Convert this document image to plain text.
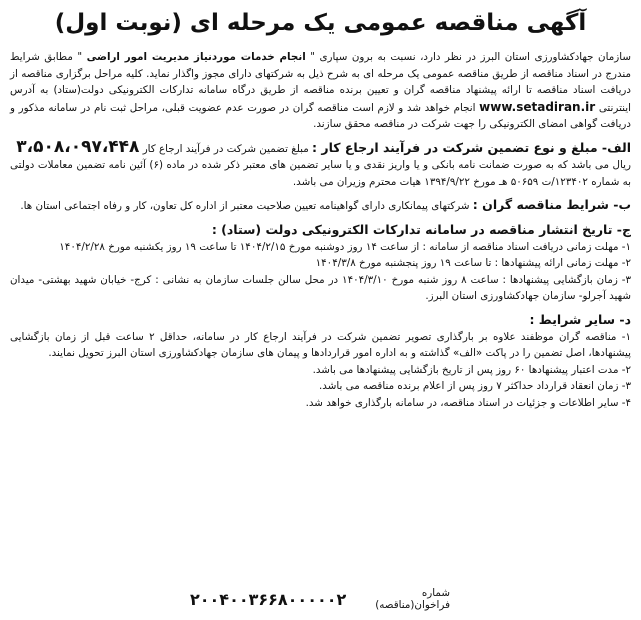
آگهی مناقصه عمومی یک مرحله ای (نوبت اول)

سازمان جهادکشاورزی استان البرز در نظر دارد، نسبت به برون سپاری " انجام خدمات موردنیاز مدیریت امور اراضی " مطابق شرایط مندرج در اسناد مناقصه از طریق مناقصه عمومی یک مرحله ای به شرح ذیل به شرکتهای دارای مجوز واگذار نماید. کلیه مراحل برگزاری مناقصه از دریافت اسناد مناقصه تا ارائه پیشنهاد مناقصه گران و تعیین برنده مناقصه از طریق درگاه سامانه تدارکات الکترونیکی دولت(ستاد) به آدرس اینترنتی www.setadiran.ir انجام خواهد شد و لازم است مناقصه گران در صورت عدم عضویت قبلی، مراحل ثبت نام در سامانه مذکور و دریافت گواهی امضای الکترونیکی را جهت شرکت در مناقصه محقق سازند.

الف- مبلغ و نوع تضمین شرکت در فرآیند ارجاع کار : مبلغ تضمین شرکت در فرآیند ارجاع کار ۳،۵۰۸،۰۹۷،۴۴۸

ریال می باشد که به صورت ضمانت نامه بانکی و یا واریز نقدی و یا سایر تضمین های معتبر ذکر شده در ماده (۶) آئین نامه تضمین معاملات دولتی به شماره ۱۲۳۴۰۲/ت ۵۰۶۵۹ هـ مورخ ۱۳۹۴/۹/۲۲ هیات محترم وزیران می باشد.

ب- شرایط مناقصه گران : شرکتهای پیمانکاری دارای گواهینامه تعیین صلاحیت معتبر از اداره کل تعاون، کار و رفاه اجتماعی استان ها.

ج- تاریخ انتشار مناقصه در سامانه تدارکات الکترونیکی دولت (ستاد) :

۱- مهلت زمانی دریافت اسناد مناقصه از سامانه : از ساعت ۱۴ روز دوشنبه مورخ ۱۴۰۴/۲/۱۵ تا ساعت ۱۹ روز یکشنبه مورخ ۱۴۰۴/۲/۲۸

۲- مهلت زمانی ارائه پیشنهادها : تا ساعت ۱۹ روز پنجشنبه مورخ ۱۴۰۴/۳/۸

۳- زمان بازگشایی پیشنهادها : ساعت ۸ روز شنبه مورخ ۱۴۰۴/۳/۱۰ در محل سالن جلسات سازمان به نشانی : کرج- خیابان شهید بهشتی- میدان شهید آجرلو- سازمان جهادکشاورزی استان البرز.

د- سایر شرایط :

۱- مناقصه گران موظفند علاوه بر بارگذاری تصویر تضمین شرکت در فرآیند ارجاع کار در سامانه، حداقل ۲ ساعت قبل از زمان بازگشایی پیشنهادها، اصل تضمین را در پاکت «الف» گذاشته و به اداره امور قراردادها و پیمان های سازمان جهادکشاورزی استان البرز تحویل نمایند.

۲- مدت اعتبار پیشنهادها ۶۰ روز پس از تاریخ بازگشایی پیشنهادها می باشد.

۳- زمان انعقاد قرارداد حداکثر ۷ روز پس از اعلام برنده مناقصه می باشد.

۴- سایر اطلاعات و جزئیات در اسناد مناقصه، در سامانه بارگذاری خواهد شد.

شماره فراخوان(مناقصه)
۲۰۰۴۰۰۳۶۶۸۰۰۰۰۰۲
